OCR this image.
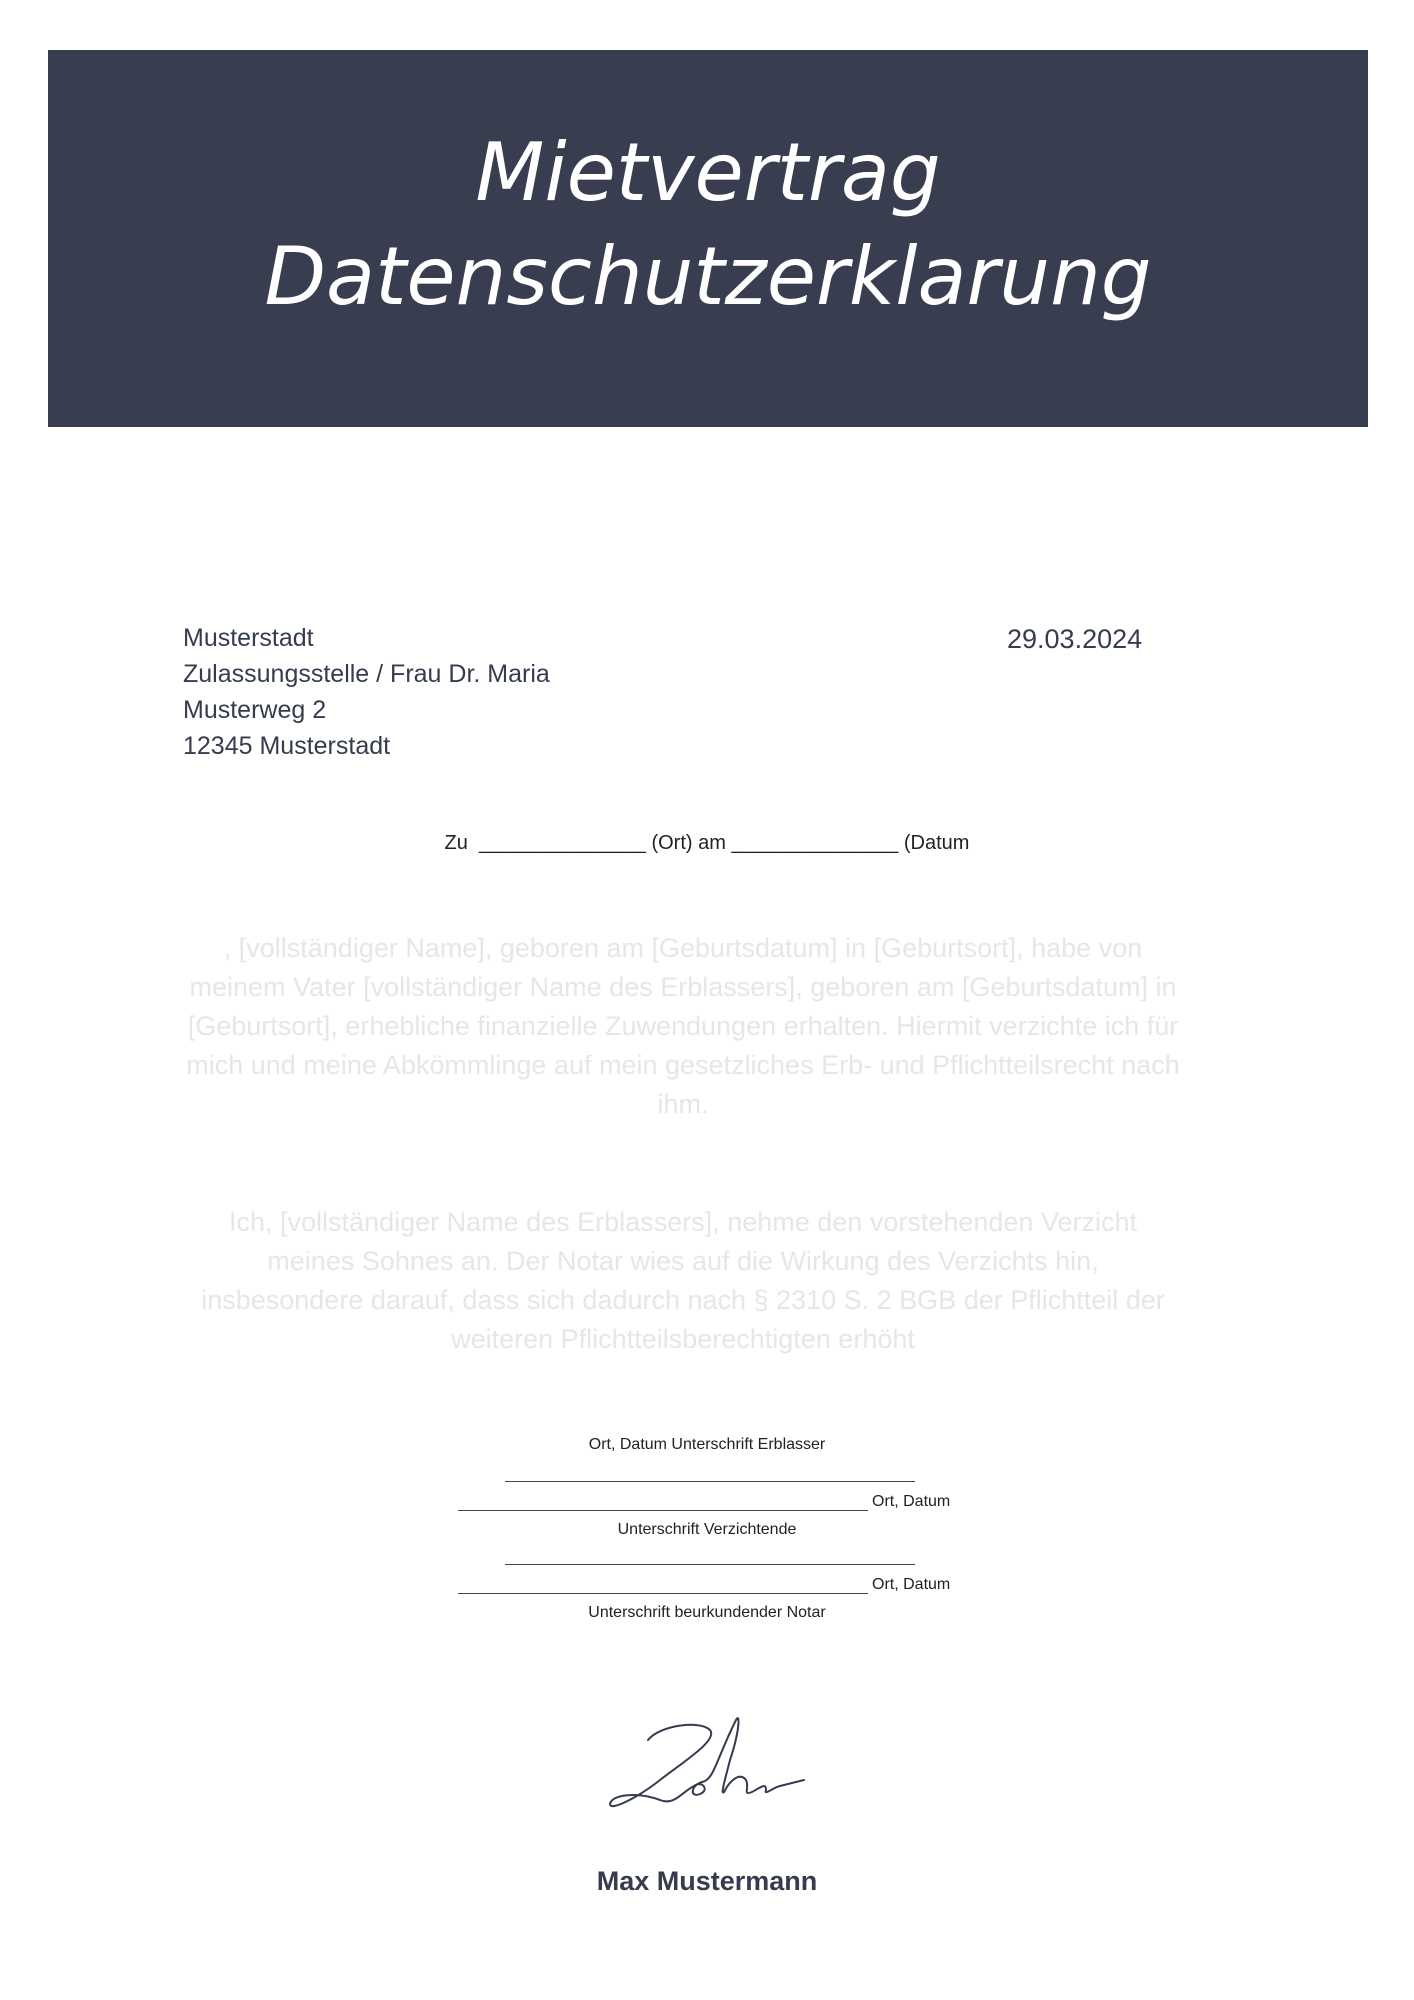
Mietvertrag
Datenschutzerklarung
Musterstadt
Zulassungsstelle / Frau Dr. Maria
Musterweg 2
12345 Musterstadt
29.03.2024
Zu _______________ (Ort) am _______________ (Datum
, [vollständiger Name], geboren am [Geburtsdatum] in [Geburtsort], habe von meinem Vater [vollständiger Name des Erblassers], geboren am [Geburtsdatum] in [Geburtsort], erhebliche finanzielle Zuwendungen erhalten. Hiermit verzichte ich für mich und meine Abkömmlinge auf mein gesetzliches Erb- und Pflichtteilsrecht nach ihm.
Ich, [vollständiger Name des Erblassers], nehme den vorstehenden Verzicht meines Sohnes an. Der Notar wies auf die Wirkung des Verzichts hin, insbesondere darauf, dass sich dadurch nach § 2310 S. 2 BGB der Pflichtteil der weiteren Pflichtteilsberechtigten erhöht
Ort, Datum Unterschrift Erblasser
Ort, Datum
Unterschrift Verzichtende
Ort, Datum
Unterschrift beurkundender Notar
Max Mustermann
